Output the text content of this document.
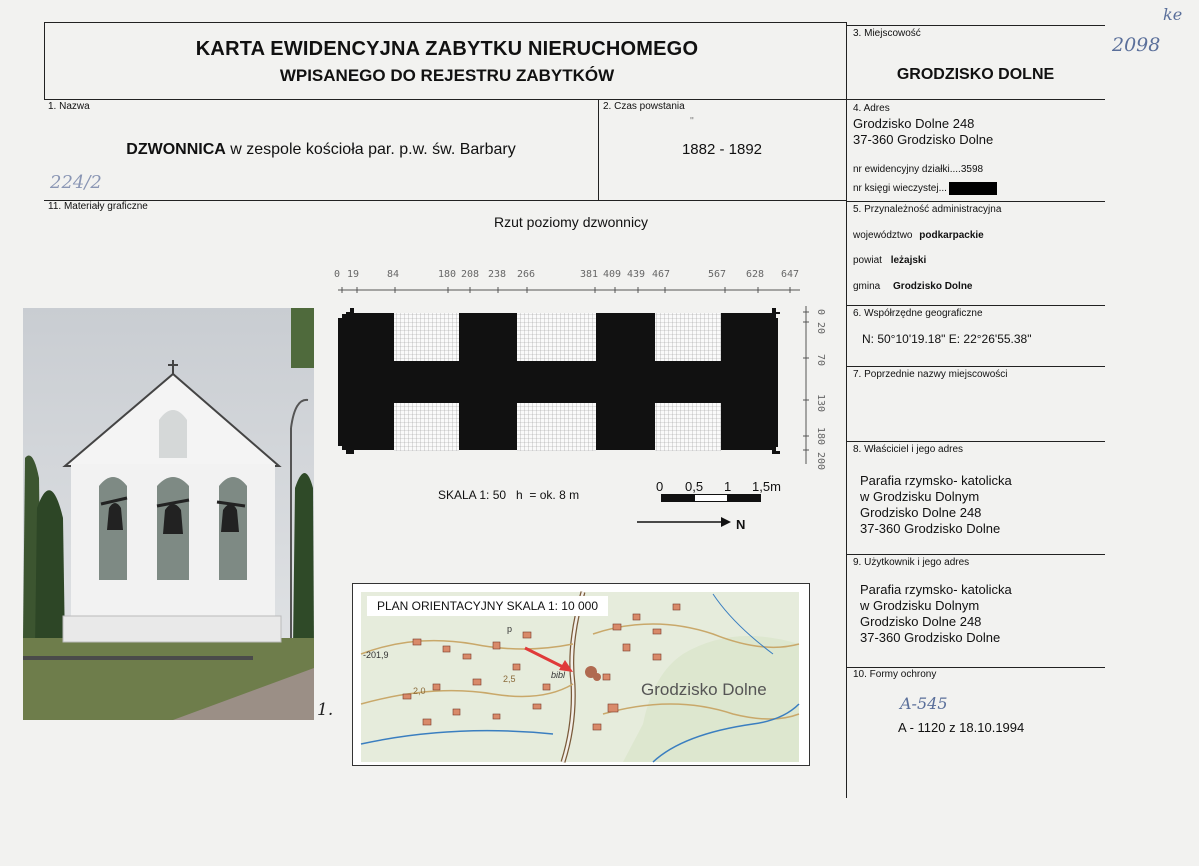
KARTA EWIDENCYJNA ZABYTKU NIERUCHOMEGO
WPISANEGO DO REJESTRU ZABYTKÓW
ke
2098
3. Miejscowość
GRODZISKO DOLNE
1. Nazwa
DZWONNICA w zespole kościoła par. p.w. św. Barbary
224/2
2. Czas powstania
''
1882 - 1892
4. Adres
Grodzisko Dolne 248
37-360 Grodzisko Dolne
nr ewidencyjny działki....3598
nr księgi wieczystej...
11. Materiały graficzne
Rzut poziomy dzwonnicy
0 19	84	180 208 238 266	381 409 439 467	567 628 647
0
20
70
130
180
200
SKALA 1: 50   h  = ok. 8 m
0 0,5 1 1,5m
N
1.
PLAN ORIENTACYJNY SKALA 1: 10 000
Grodzisko Dolne
-201,9
bibl
p
2,0
2,5
5. Przynależność administracyjna
województwo podkarpackie
powiat leżajski
gmina Grodzisko Dolne
6. Współrzędne geograficzne
N: 50°10'19.18" E: 22°26'55.38"
7. Poprzednie nazwy miejscowości
8. Właściciel i jego adres
Parafia rzymsko- katolicka
w Grodzisku Dolnym
Grodzisko Dolne 248
37-360 Grodzisko Dolne
9. Użytkownik i jego adres
Parafia rzymsko- katolicka
w Grodzisku Dolnym
Grodzisko Dolne 248
37-360 Grodzisko Dolne
10. Formy ochrony
A-545
A - 1120 z 18.10.1994
